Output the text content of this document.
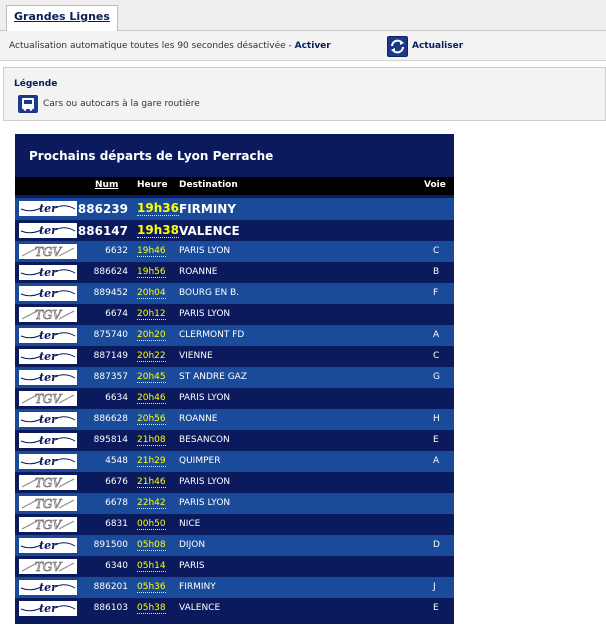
Grandes Lignes
Actualisation automatique toutes les 90 secondes désactivée - Activer	Actualiser
Légende
Cars ou autocars à la gare routière
Prochains départs de Lyon Perrache
Num Heure Destination	Voie
ter 886239 19h36 FIRMINY
ter 886147 19h38 VALENCE
TGV	6632 19h46 PARIS LYON	C
ter	886624 19h56 ROANNE	B
ter	889452 20h04 BOURG EN B.	F
TGV	6674 20h12 PARIS LYON
ter	875740 20h20 CLERMONT FD	A
ter	887149 20h22 VIENNE	C
ter	887357 20h45 ST ANDRE GAZ	G
TGV	6634 20h46 PARIS LYON
ter	886628 20h56 ROANNE	H
ter	895814 21h08 BESANCON	E
ter	4548 21h29 QUIMPER	A
TGV	6676 21h46 PARIS LYON
TGV	6678 22h42 PARIS LYON
TGV	6831 00h50 NICE
ter	891500 05h08 DIJON	D
TGV	6340 05h14 PARIS
ter	886201 05h36 FIRMINY	J
ter	886103 05h38 VALENCE	E
